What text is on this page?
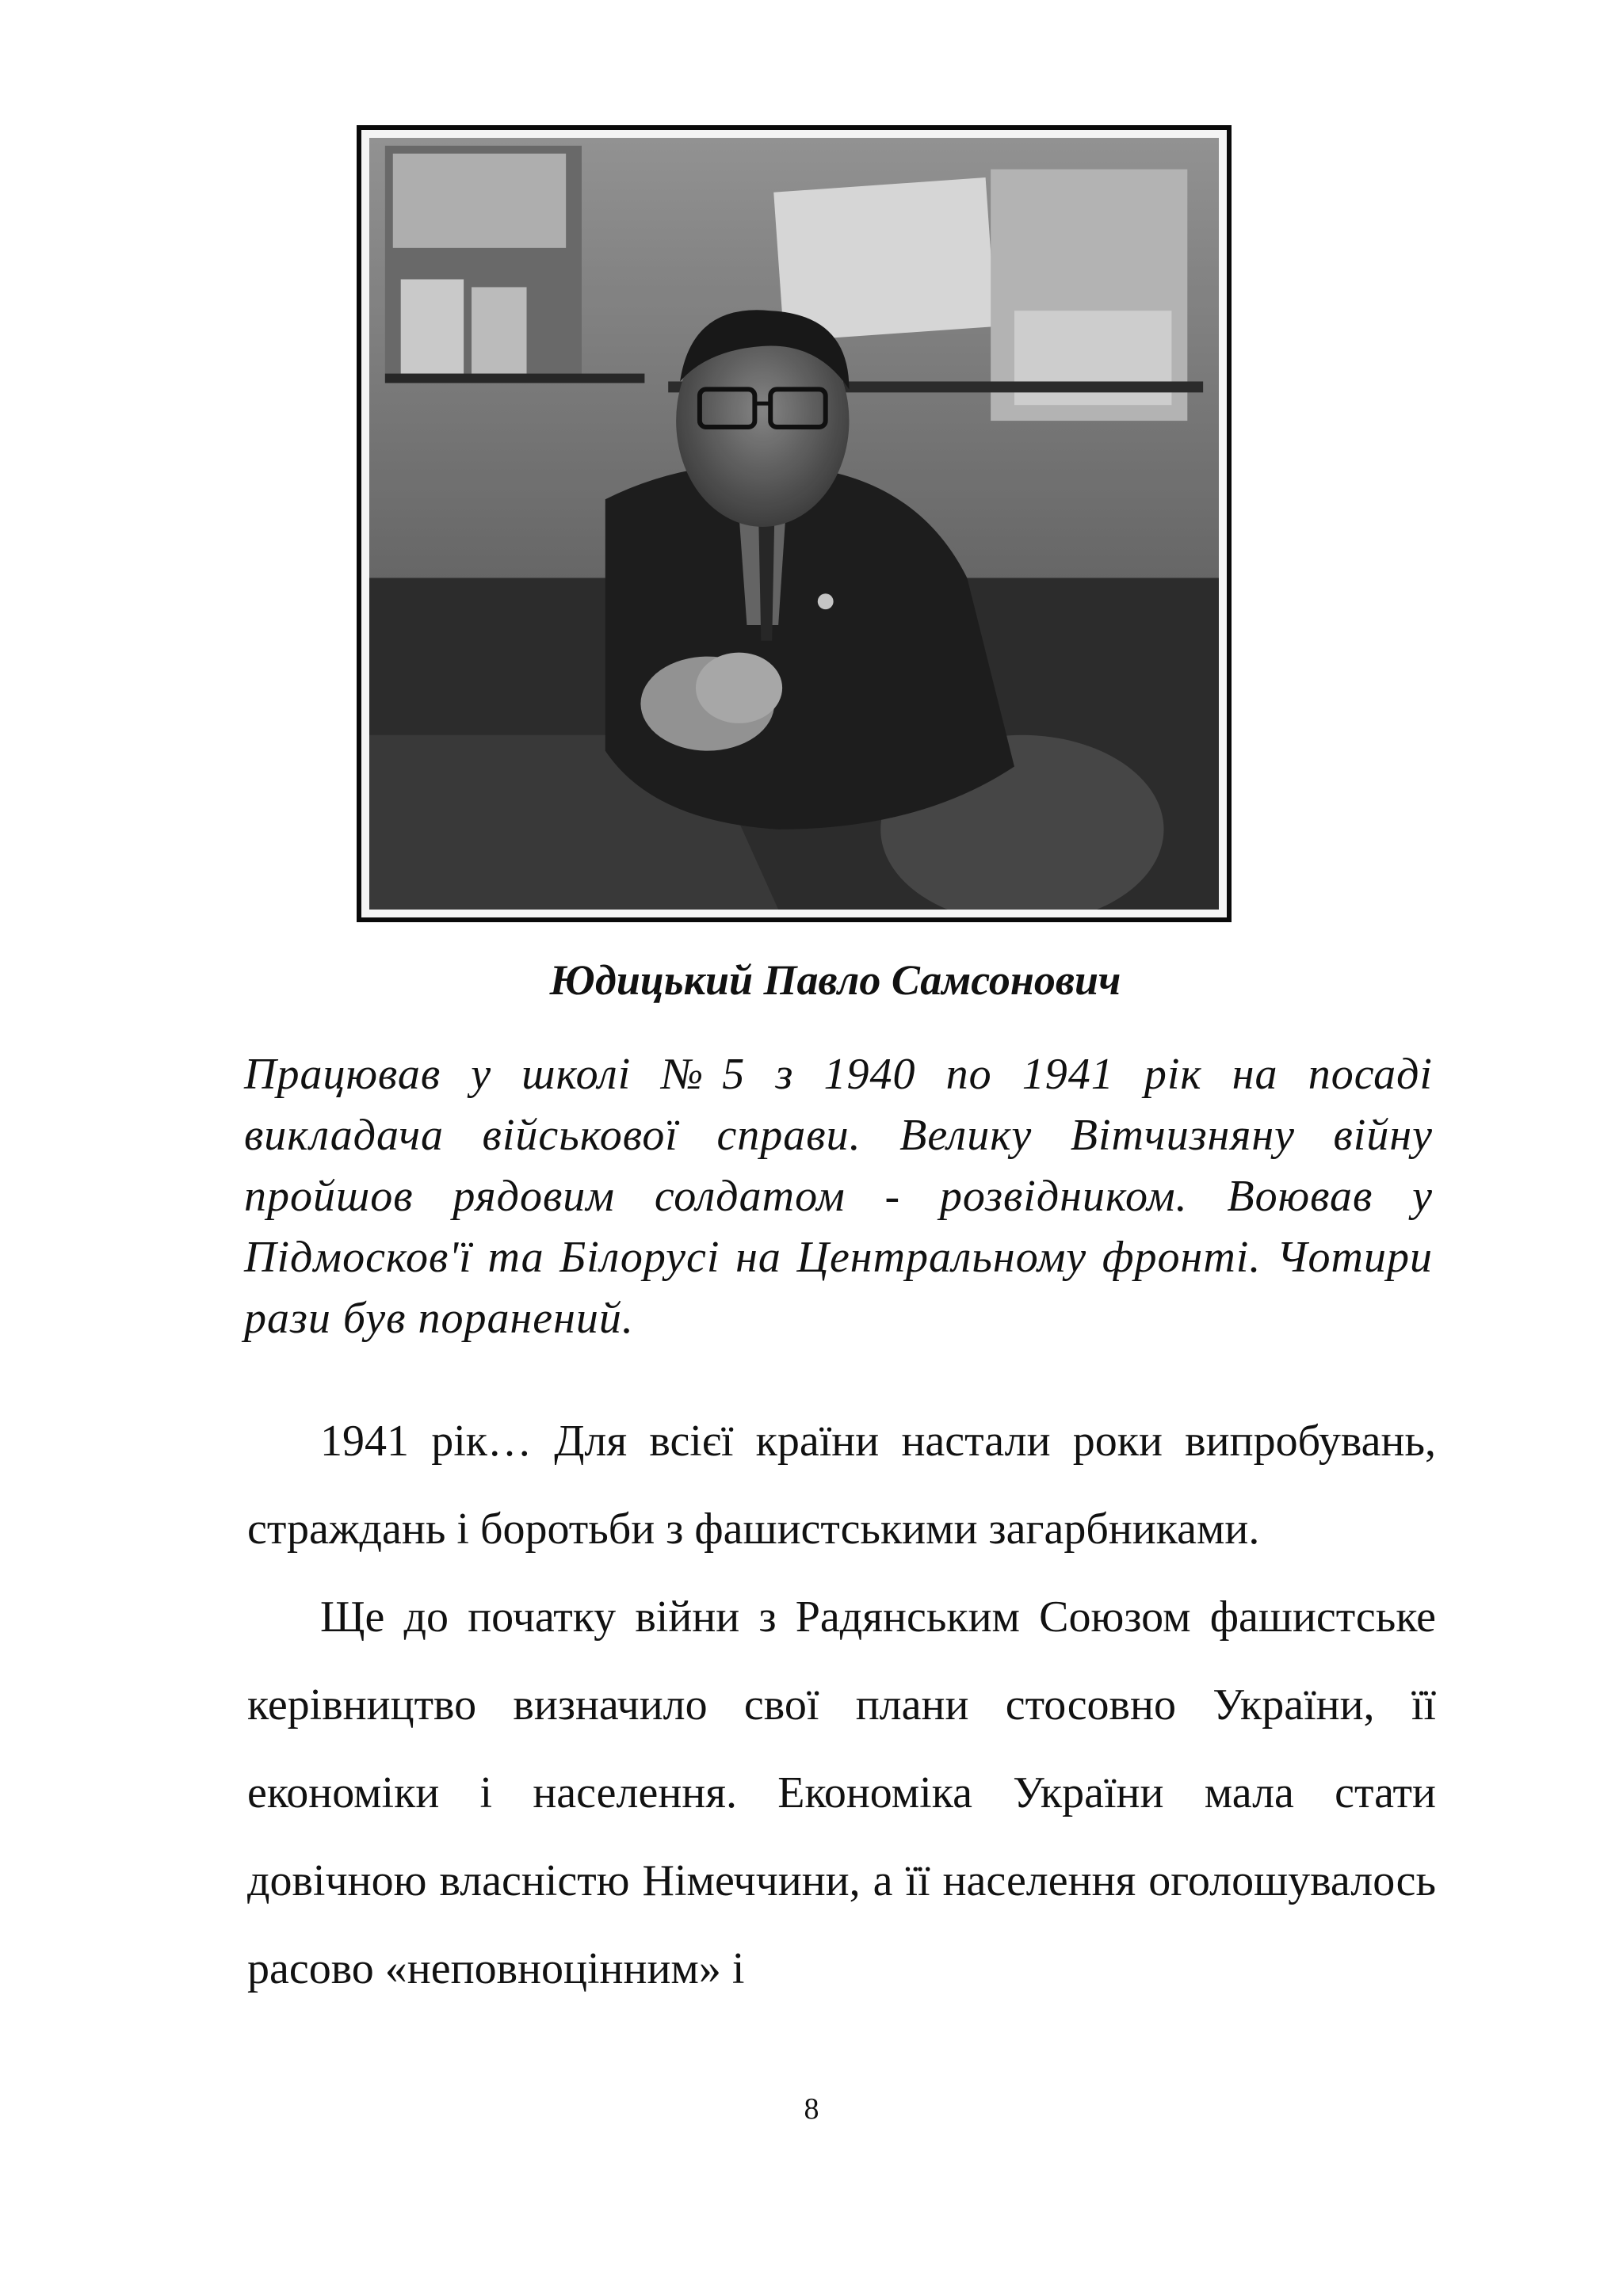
Юдицький Павло Самсонович

Працював у школі №5 з 1940 по 1941 рік на посаді викладача військової справи. Велику Вітчизняну війну пройшов рядовим солдатом - розвідником. Воював у Підмосков'ї та Білорусі на Центральному фронті. Чотири рази був поранений.

1941 рік… Для всієї країни настали роки випробувань, страждань і боротьби з фашистськими загарбниками.

Ще до початку війни з Радянським Союзом фашистське керівництво визначило свої плани стосовно України, її економіки і населення. Економіка України мала стати довічною власністю Німеччини, а її населення оголошувалось расово «неповноцінним» і

8
